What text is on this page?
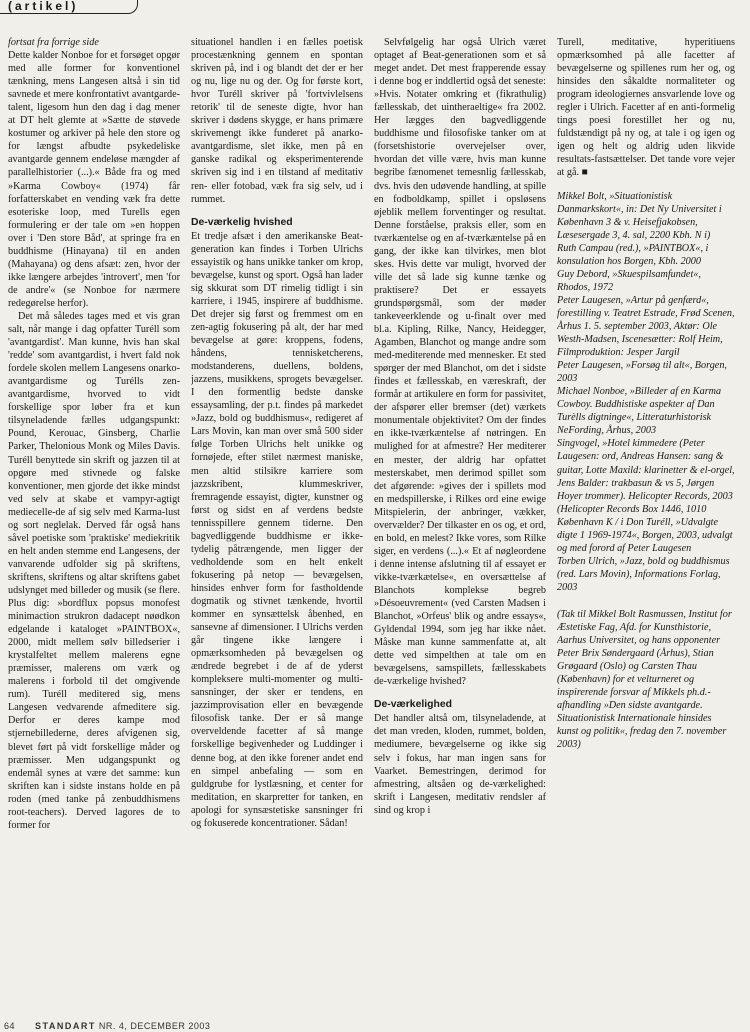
(artikel)

fortsat fra forrige side

Dette kalder Nonboe for et forsøget opgør med alle former for konventionel tænkning, mens Langesen altså i sin tid savnede et mere konfrontativt avantgarde-talent, ligesom hun den dag i dag mener at DT helt glemte at »Sætte de støvede kostumer og arkiver på hele den store og for længst afbudte psykedeliske avantgarde gennem endeløse mængder af parallelhistorier (...).« Både fra og med »Karma Cowboy« (1974) får forfatterskabet en vending væk fra dette esoteriske loop, med Turells egen formulering er der tale om »en hoppen over i 'Den store Båd', at springe fra en buddhisme (Hinayana) til en anden (Mahayana) og dens afsæt: zen, hvor der ikke længere arbejdes 'introvert', men 'for de andre'« (se Nonboe for nærmere redegørelse herfor).

Det må således tages med et vis gran salt, når mange i dag opfatter Turéll som 'avantgardist'. Man kunne, hvis han skal 'redde' som avantgardist, i hvert fald nok fordele skolen mellem Langesens onarko-avantgardisme og Turélls zen-avantgardisme, hvorved to vidt forskellige spor løber fra et kun tilsyneladende fælles udgangspunkt: Pound, Kerouac, Ginsberg, Charlie Parker, Thelonious Monk og Miles Davis. Turéll benyttede sin skrift og jazzen til at opgøre med stivnede og falske konventioner, men gjorde det ikke mindst ved selv at skabe et vampyr-agtigt mediecelle-de af sig selv med Karma-lust og sort neglelak. Derved får også hans såvel poetiske som 'praktiske' mediekritik en helt anden stemme end Langesens, der vanvarende udfolder sig på skriftens, skriftens, skriftens og altar skriftens gabet udslynget med billeder og musik (se flere. Plus dig: »bordflux popsus monofest minimaction strukron dadacept nøødkon edgelande i kataloget »PAINTBOX«, 2000, midt mellem sølv billedserier i krystalfeltet mellem malerens egne præmisser, malerens om værk og malerens i forbold til det omgivende rum). Turéll meditered sig, mens Langesen vedvarende afmeditere sig. Derfor er deres kampe mod stjernebillederne, deres afvigenen sig, blevet ført på vidt forskellige måder og præmisser. Men udgangspunkt og endemål synes at være det samme: kun skriften kan i sidste instans holde en på roden (med tanke på zenbuddhismens root-teachers). Derved lagores de to former for

situationel handlen i en fælles poetisk procestænkning gennem en spontan skriven på, ind i og blandt det der er her og nu, lige nu og der. Og for første kort, hvor Turéll skriver på 'fortvivlelsens retorik' til de seneste digte, hvor han skriver i dødens skygge, er hans primære skrivemengt ikke funderet på anarko-avantgardisme, slet ikke, men på en ganske radikal og eksperimenterende skriven sig ind i en tilstand af meditativ ren- eller fotobad, væk fra sig selv, ud i rummet.

De-værkelig hvished

Et tredje afsæt i den amerikanske Beat-generation kan findes i Torben Ulrichs essayistik og hans unikke tanker om krop, bevægelse, kunst og sport. Også han lader sig skkurat som DT rimelig tidligt i sin karriere, i 1945, inspirere af buddhisme. Det drejer sig først og fremmest om en zen-agtig fokusering på alt, der har med bevægelse at gøre: kroppens, fodens, håndens, tennisketcherens, modstanderens, duellens, boldens, jazzens, musikkens, sprogets bevægelser. I den formentlig bedste danske essaysamling, der p.t. findes på markedet »Jazz, bold og buddhismus«, redigeret af Lars Movin, kan man over små 500 sider følge Torben Ulrichs helt unikke og fornøjede, efter stilet nærmest maniske, men altid stilsikre karriere som jazzskribent, klummeskriver, fremragende essayist, digter, kunstner og først og sidst en af verdens bedste tennisspillere gennem tiderne. Den bagvedliggende buddhisme er ikke-tydelig påtrængende, men ligger der vedholdende som en helt enkelt fokusering på netop — bevægelsen, hinsides enhver form for fastholdende dogmatik og stivnet tænkende, hvortil kommer en synsættelsk åbenhed, en sansevne af dimensioner. I Ulrichs verden går tingene ikke længere i opmærksomheden på bevægelsen og ændrede begrebet i de af de yderst kompleksere multi-momenter og multi-sansninger, der sker er tendens, en jazzimprovisation eller en bevægende filosofisk tanke. Der er så mange overveldende facetter af så mange forskellige begivenheder og Luddinger i denne bog, at den ikke forener andet end en simpel anbefaling — som en guldgrube for lystlæsning, et center for meditation, en skarpretter for tanken, en apologi for synsæstetiske sansninger fri og fokuserede koncentrationer. Sådan!

Selvfølgelig har også Ulrich været optaget af Beat-generationen som et så meget andet. Det mest frapperende essay i denne bog er inddlertid også det seneste: »Hvis. Notater omkring et (fikrathulig) fællesskab, det uintheraeltige« fra 2002. Her lægges den bagvedliggende buddhisme und filosofiske tanker om at (forsetshistorie overvejelser over, hvordan det ville være, hvis man kunne begribe fænomenet temesnlig fællesskab, dvs. hvis den udøvende handling, at spille en fodboldkamp, spillet i opsløsens øjeblik mellem forventinger og resultat. Denne forståelse, praksis eller, som en tværkæntelse og en af-tværkæntelse på en gang, der ikke kan tilvirkes, men blot skes. Hvis dette var muligt, hvorved der ville det så lade sig kunne tænke og praktisere? Det er essayets grundspørgsmål, som der møder tankeveerklende og u-finalt over med bl.a. Kipling, Rilke, Nancy, Heidegger, Agamben, Blanchot og mange andre som med-mediterende med mennesker. Et sted spørger der med Blanchot, om det i sidste findes et fællesskab, en væreskraft, der formår at artikulere en form for passivitet, der afspører eller bremser (det) værkets monumentale objektivitet? Om der findes en ikke-tværkæntelse af nøtringen. En mulighed for at afmestre? Her mediterer en mester, der aldrig har opfattet mesterskabet, men derimod spillet som det afgørende: »gives der i spillets mod en medspillerske, i Rilkes ord eine ewige Mitspielerin, der anbringer, vækker, overvælder? Der tilkaster en os og, et ord, en bold, en melest? Ikke vores, som Rilke siger, en verdens (...).« Et af nøgleordene i denne intense afslutning til af essayet er vikke-tværkætelse«, en oversættelse af Blanchots komplekse begreb »Désoeuvrement« (ved Carsten Madsen i Blanchot, »Orfeus' blik og andre essays«, Gyldendal 1994, som jeg har ikke nået. Måske man kunne sammenfatte at, alt dette ved simpelthen at tale om en bevægelsens, samspillets, fællesskabets de-værkelige hvished?

De-værkelighed

Det handler altså om, tilsyneladende, at det man vreden, kloden, rummet, bolden, mediumere, bevægelserne og ikke sig selv i fokus, har man ingen sans for Vaarket. Bemestringen, derimod for afmestring, altsåen og de-værkelighed: skrift i Langesen, meditativ rendsler af sind og krop i

Turell, meditative, hyperitiuens opmærksomhed på alle facetter af bevægelserne og spillenes rum her og, og hinsides den såkaldte normaliteter og program ideologiernes ansvarlende love og regler i Ulrich. Facetter af en anti-formelig tings poesi forestillet her og nu, fuldstændigt på ny og, at tale i og igen og igen og helt og aldrig uden likvide resultats-fastsættelser. Det tande vore vejer at gå. ■

Mikkel Bolt, »Situationistisk Danmarkskort«, in: Det Ny Universitet i København 3 & v. Heisefjakobsen, Læsesergade 3, 4. sal, 2200 Kbh. N i)

Ruth Campau (red.), »PAINTBOX«, i konsulation hos Borgen, Kbh. 2000

Guy Debord, »Skuespilsamfundet«, Rhodos, 1972

Peter Laugesen, »Artur på genfærd«, forestilling v. Teatret Estrade, Frød Scenen, Århus 1. 5. september 2003, Aktør: Ole Westh-Madsen, Iscenesætter: Rolf Heim, Filmproduktion: Jesper Jargil

Peter Laugesen, »Forsøg til alt«, Borgen, 2003

Michael Nonboe, »Billeder af en Karma Cowboy. Buddhistiske aspekter af Dan Turèlls digtninge«, Litteraturhistorisk NeFording, Århus, 2003

Singvogel, »Hotel kimmedere (Peter Laugesen: ord, Andreas Hansen: sang & guitar, Lotte Maxild: klarinetter & el-orgel, Jens Balder: trakbasun & vs 5, Jørgen Hoyer trommer). Helicopter Records, 2003 (Helicopter Records Box 1446, 1010 København K / i Don Turéll, »Udvalgte digte 1 1969-1974«, Borgen, 2003, udvalgt og med forord af Peter Laugesen

Torben Ulrich, »Jazz, bold og buddhismus (red. Lars Movin), Informations Forlag, 2003

(Tak til Mikkel Bolt Rasmussen, Institut for Æstetiske Fag, Afd. for Kunsthistorie, Aarhus Universitet, og hans opponenter Peter Brix Søndergaard (Århus), Stian Grøgaard (Oslo) og Carsten Thau (København) for et velturneret og inspirerende forsvar af Mikkels ph.d.-afhandling »Den sidste avantgarde. Situationistisk Internationale hinsides kunst og politik«, fredag den 7. november 2003)
64 STANDART NR. 4, DECEMBER 2003
